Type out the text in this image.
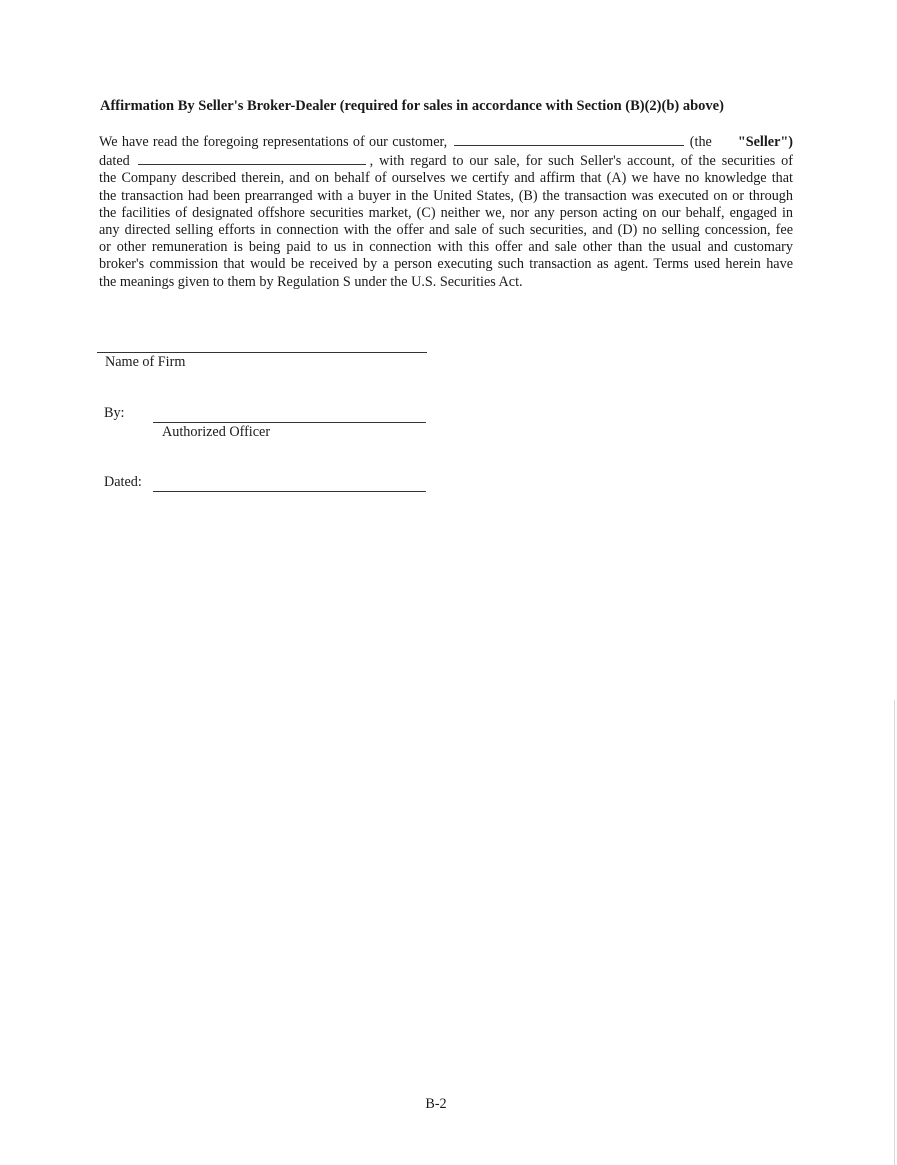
Affirmation By Seller's Broker-Dealer (required for sales in accordance with Section (B)(2)(b) above)
We have read the foregoing representations of our customer,	(the "Seller")
dated	, with regard to our sale, for such Seller's account, of the securities of
the Company described therein, and on behalf of ourselves we certify and affirm that (A) we have no knowledge that
the transaction had been prearranged with a buyer in the United States, (B) the transaction was executed on or through
the facilities of designated offshore securities market, (C) neither we, nor any person acting on our behalf, engaged in
any directed selling efforts in connection with the offer and sale of such securities, and (D) no selling concession, fee
or other remuneration is being paid to us in connection with this offer and sale other than the usual and customary
broker's commission that would be received by a person executing such transaction as agent. Terms used herein have
the meanings given to them by Regulation S under the U.S. Securities Act.
Name of Firm
By:
Authorized Officer
Dated:
B-2
